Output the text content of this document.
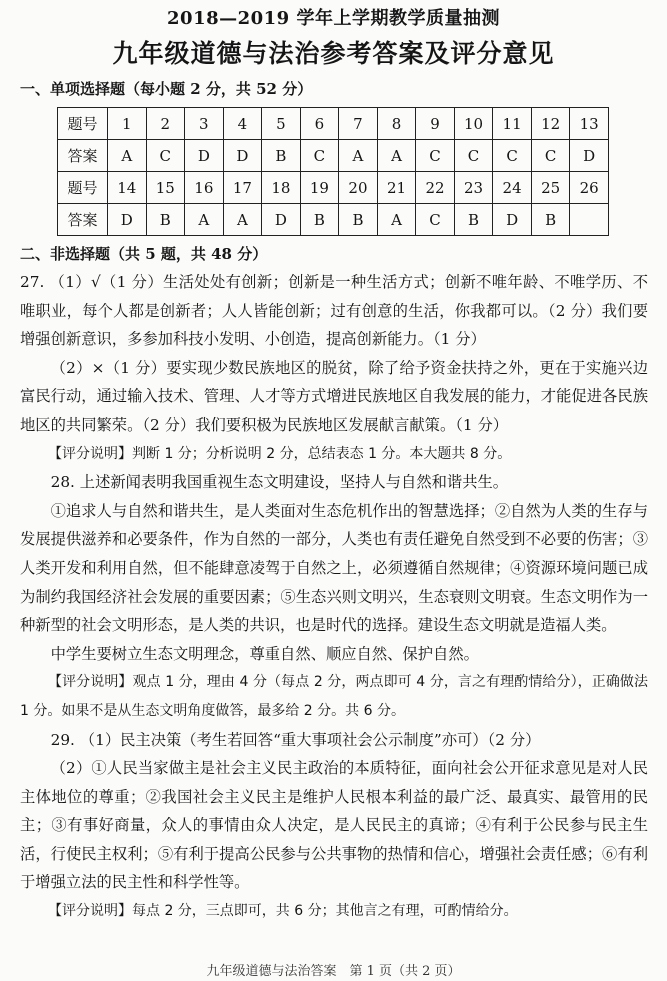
2018—2019 学年上学期教学质量抽测
九年级道德与法治参考答案及评分意见
一、单项选择题（每小题 2 分，共 52 分）
题号	1	2	3	4	5	6	7	8	9	10	11	12	13
答案	A	C	D	D	B	C	A	A	C	C	C	C	D
题号	14	15	16	17	18	19	20	21	22	23	24	25	26
答案	D	B	A	A	D	B	B	A	C	B	D	B	
二、非选择题（共 5 题，共 48 分）

27. （1）√（1 分）生活处处有创新；创新是一种生活方式；创新不唯年龄、不唯学历、不唯职业，每个人都是创新者；人人皆能创新；过有创意的生活，你我都可以。（2 分）我们要增强创新意识，多参加科技小发明、小创造，提高创新能力。（1 分）

（2）×（1 分）要实现少数民族地区的脱贫，除了给予资金扶持之外，更在于实施兴边富民行动，通过输入技术、管理、人才等方式增进民族地区自我发展的能力，才能促进各民族地区的共同繁荣。（2 分）我们要积极为民族地区发展献言献策。（1 分）

【评分说明】判断 1 分；分析说明 2 分，总结表态 1 分。本大题共 8 分。

28. 上述新闻表明我国重视生态文明建设，坚持人与自然和谐共生。

①追求人与自然和谐共生，是人类面对生态危机作出的智慧选择；②自然为人类的生存与发展提供滋养和必要条件，作为自然的一部分，人类也有责任避免自然受到不必要的伤害；③人类开发和利用自然，但不能肆意凌驾于自然之上，必须遵循自然规律；④资源环境问题已成为制约我国经济社会发展的重要因素；⑤生态兴则文明兴，生态衰则文明衰。生态文明作为一种新型的社会文明形态，是人类的共识，也是时代的选择。建设生态文明就是造福人类。

中学生要树立生态文明理念，尊重自然、顺应自然、保护自然。

【评分说明】观点 1 分，理由 4 分（每点 2 分，两点即可 4 分，言之有理酌情给分），正确做法 1 分。如果不是从生态文明角度做答，最多给 2 分。共 6 分。

29. （1）民主决策（考生若回答“重大事项社会公示制度”亦可）（2 分）

（2）①人民当家做主是社会主义民主政治的本质特征，面向社会公开征求意见是对人民主体地位的尊重；②我国社会主义民主是维护人民根本利益的最广泛、最真实、最管用的民主；③有事好商量，众人的事情由众人决定，是人民民主的真谛；④有利于公民参与民主生活，行使民主权利；⑤有利于提高公民参与公共事物的热情和信心，增强社会责任感；⑥有利于增强立法的民主性和科学性等。

【评分说明】每点 2 分，三点即可，共 6 分；其他言之有理，可酌情给分。

九年级道德与法治答案　第 1 页（共 2 页）
